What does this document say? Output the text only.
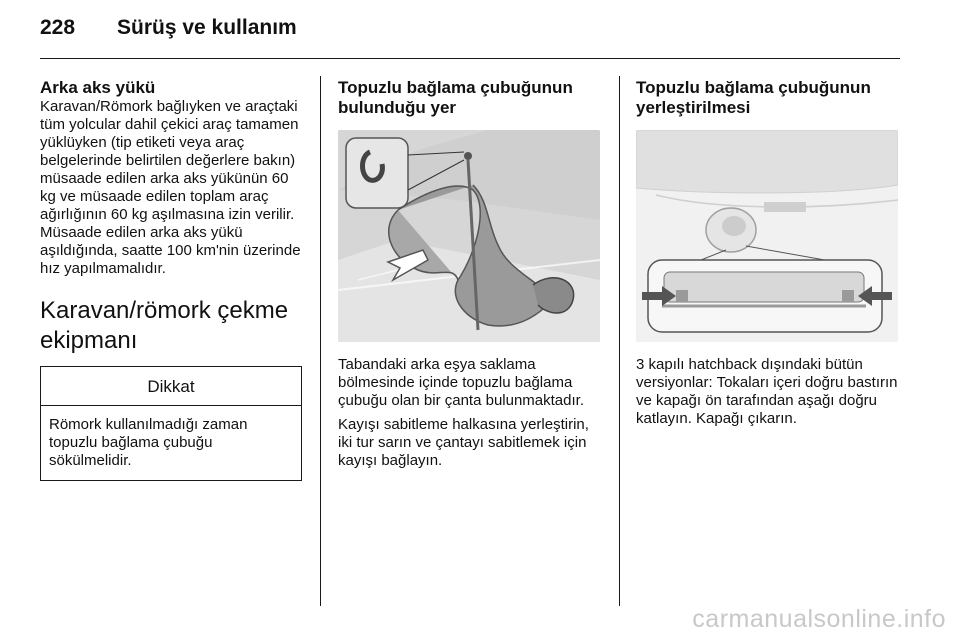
228 Sürüş ve kullanım
Arka aks yükü

Karavan/Römork bağlıyken ve araçtaki tüm yolcular dahil çekici araç tamamen yüklüyken (tip etiketi veya araç belgelerinde belirtilen değerlere bakın) müsaade edilen arka aks yükünün 60 kg ve müsaade edilen toplam araç ağırlığının 60 kg aşılmasına izin verilir. Müsaade edilen arka aks yükü aşıldığında, saatte 100 km'nin üzerinde hız yapılmamalıdır.

Karavan/römork çekme ekipmanı
Dikkat
Römork kullanılmadığı zaman topuzlu bağlama çubuğu sökülmelidir.
Topuzlu bağlama çubuğunun bulunduğu yer

Tabandaki arka eşya saklama bölmesinde içinde topuzlu bağlama çubuğu olan bir çanta bulunmaktadır.

Kayışı sabitleme halkasına yerleştirin, iki tur sarın ve çantayı sabitlemek için kayışı bağlayın.

Topuzlu bağlama çubuğunun yerleştirilmesi

3 kapılı hatchback dışındaki bütün versiyonlar: Tokaları içeri doğru bastırın ve kapağı ön tarafından aşağı doğru katlayın. Kapağı çıkarın.

carmanualsonline.info
